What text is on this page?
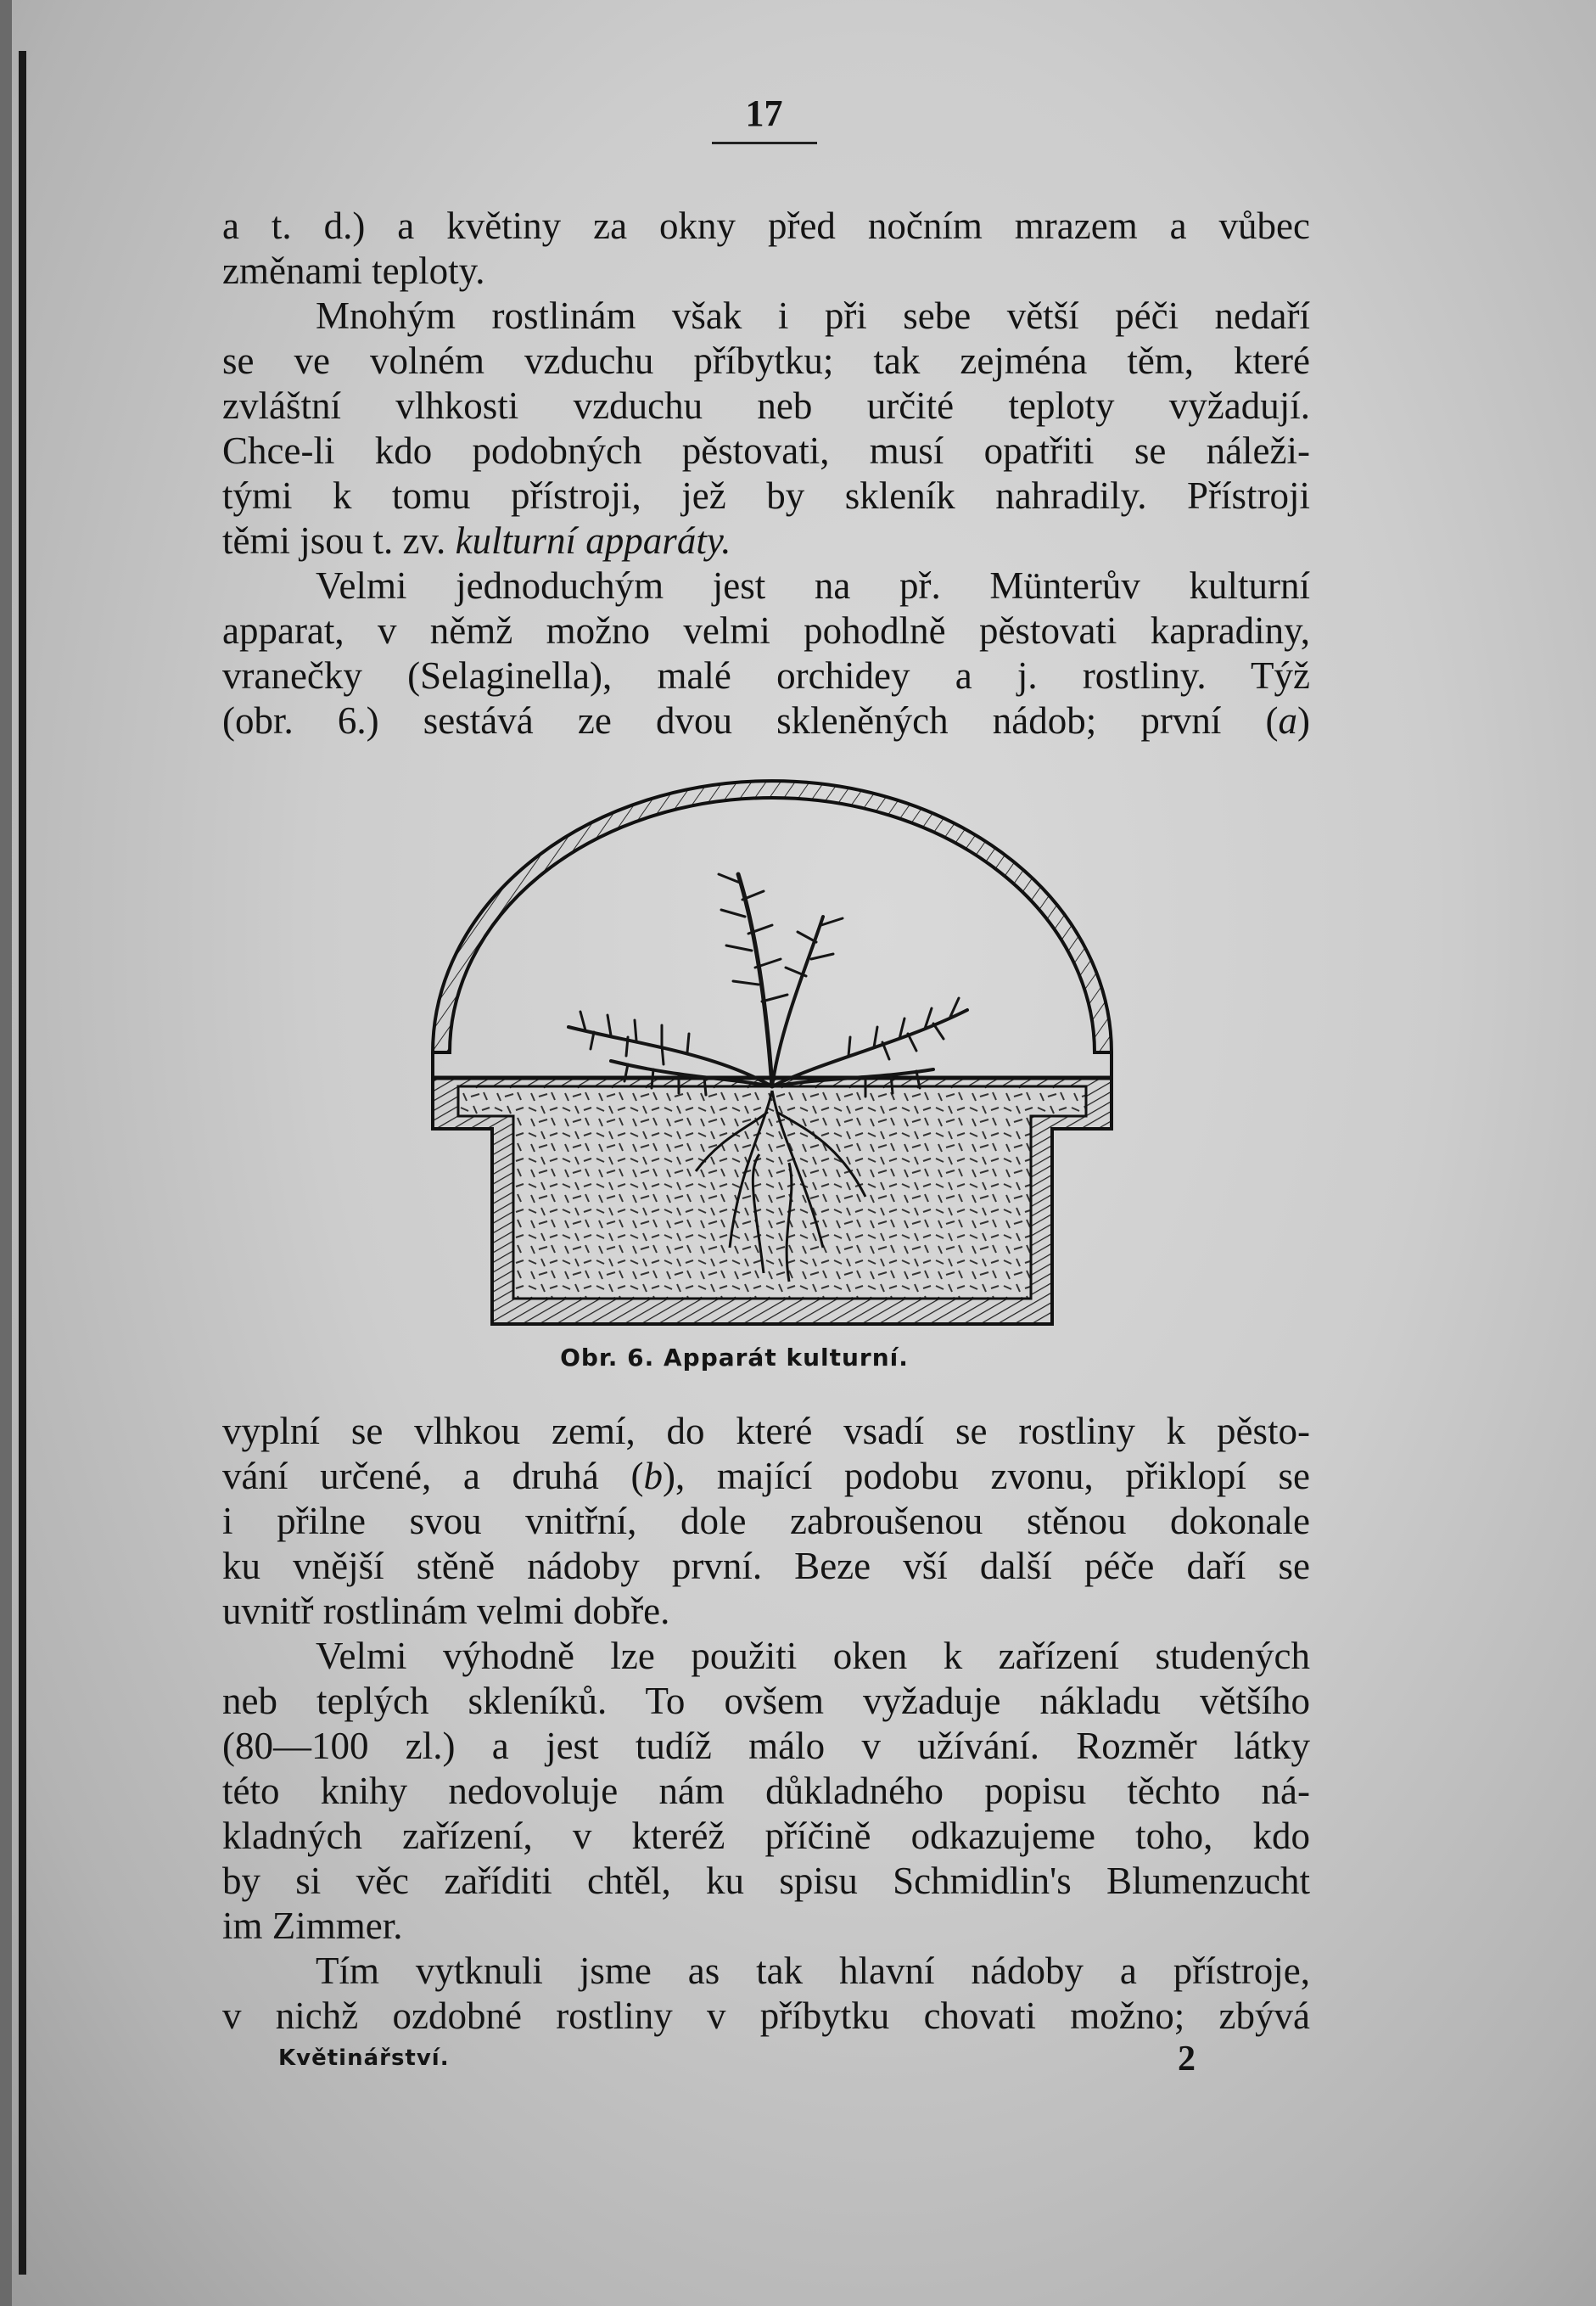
17
a t. d.) a květiny za okny před nočním mrazem a vůbec
změnami teploty.
Mnohým rostlinám však i při sebe větší péči nedaří
se ve volném vzduchu příbytku; tak zejména těm, které
zvláštní vlhkosti vzduchu neb určité teploty vyžadují.
Chce-li kdo podobných pěstovati, musí opatřiti se náleži-
tými k tomu přístroji, jež by skleník nahradily. Přístroji
těmi jsou t. zv. kulturní apparáty.
Velmi jednoduchým jest na př. Münterův kulturní
apparat, v němž možno velmi pohodlně pěstovati kapradiny,
vranečky (Selaginella), malé orchidey a j. rostliny. Týž
(obr. 6.) sestává ze dvou skleněných nádob; první (a)
Obr. 6. Apparát kulturní.
vyplní se vlhkou zemí, do které vsadí se rostliny k pěsto-
vání určené, a druhá (b), mající podobu zvonu, přiklopí se
i přilne svou vnitřní, dole zabroušenou stěnou dokonale
ku vnější stěně nádoby první. Beze vší další péče daří se
uvnitř rostlinám velmi dobře.
Velmi výhodně lze použiti oken k zařízení studených
neb teplých skleníků. To ovšem vyžaduje nákladu většího
(80—100 zl.) a jest tudíž málo v užívání. Rozměr látky
této knihy nedovoluje nám důkladného popisu těchto ná-
kladných zařízení, v kteréž příčině odkazujeme toho, kdo
by si věc zaříditi chtěl, ku spisu Schmidlin's Blumenzucht
im Zimmer.
Tím vytknuli jsme as tak hlavní nádoby a přístroje,
v nichž ozdobné rostliny v příbytku chovati možno; zbývá
Květinářství.	2
